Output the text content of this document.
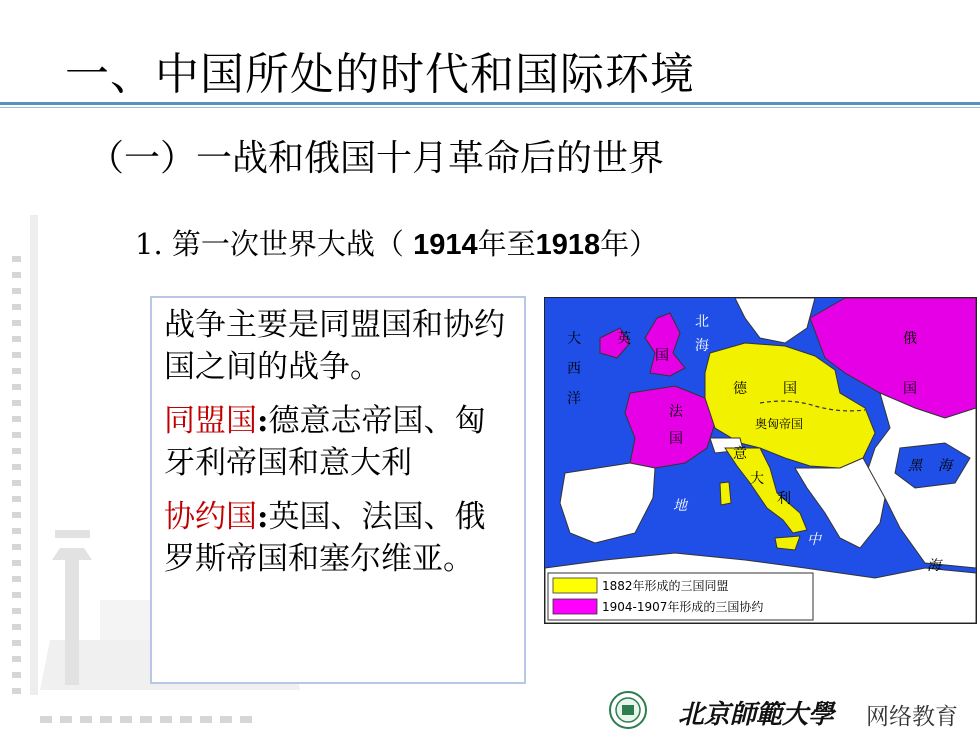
一、中国所处的时代和国际环境
（一）一战和俄国十月革命后的世界
1. 第一次世界大战（ 1914年至1918年）

战争主要是同盟国和协约国之间的战争。

同盟国:德意志帝国、匈牙利帝国和意大利

协约国:英国、法国、俄罗斯帝国和塞尔维亚。

大
西
洋
北
海
英
国
法
国
德	国
奥匈帝国
意
大
利
俄
国
黑 海
地
中
海
1882年形成的三国同盟
1904-1907年形成的三国协约
北京師範大學 网络教育
